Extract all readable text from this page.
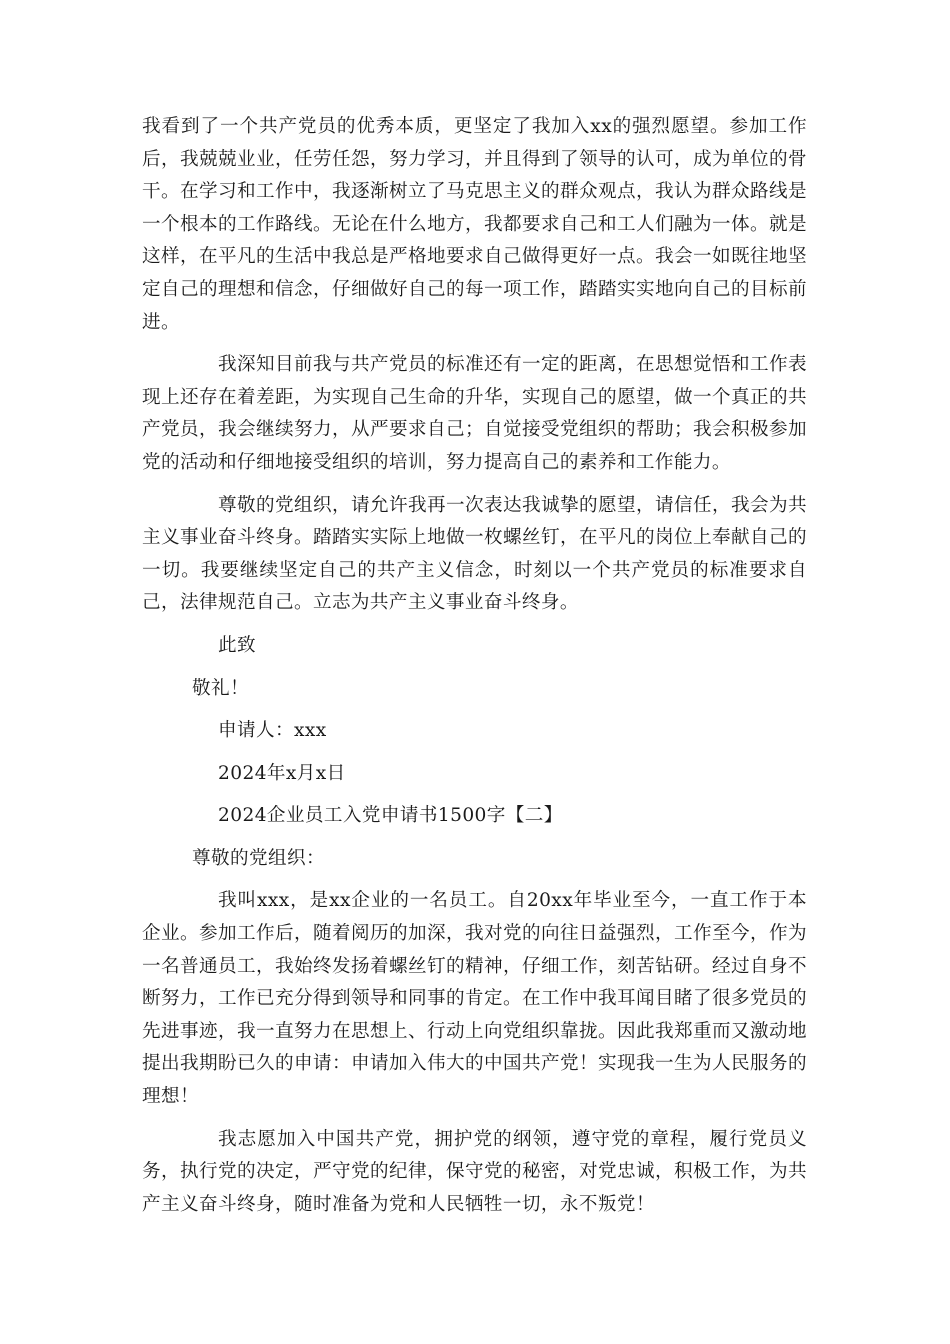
我看到了一个共产党员的优秀本质，更坚定了我加入xx的强烈愿望。参加工作后，我兢兢业业，任劳任怨，努力学习，并且得到了领导的认可，成为单位的骨干。在学习和工作中，我逐渐树立了马克思主义的群众观点，我认为群众路线是一个根本的工作路线。无论在什么地方，我都要求自己和工人们融为一体。就是这样，在平凡的生活中我总是严格地要求自己做得更好一点。我会一如既往地坚定自己的理想和信念，仔细做好自己的每一项工作，踏踏实实地向自己的目标前进。

我深知目前我与共产党员的标准还有一定的距离，在思想觉悟和工作表现上还存在着差距，为实现自己生命的升华，实现自己的愿望，做一个真正的共产党员，我会继续努力，从严要求自己；自觉接受党组织的帮助；我会积极参加党的活动和仔细地接受组织的培训，努力提高自己的素养和工作能力。

尊敬的党组织，请允许我再一次表达我诚挚的愿望，请信任，我会为共主义事业奋斗终身。踏踏实实际上地做一枚螺丝钉，在平凡的岗位上奉献自己的一切。我要继续坚定自己的共产主义信念，时刻以一个共产党员的标准要求自己，法律规范自己。立志为共产主义事业奋斗终身。

此致

敬礼！

申请人：xxx

2024年x月x日

2024企业员工入党申请书1500字【二】

尊敬的党组织：

我叫xxx，是xx企业的一名员工。自20xx年毕业至今，一直工作于本企业。参加工作后，随着阅历的加深，我对党的向往日益强烈，工作至今，作为一名普通员工，我始终发扬着螺丝钉的精神，仔细工作，刻苦钻研。经过自身不断努力，工作已充分得到领导和同事的肯定。在工作中我耳闻目睹了很多党员的先进事迹，我一直努力在思想上、行动上向党组织靠拢。因此我郑重而又激动地提出我期盼已久的申请：申请加入伟大的中国共产党！实现我一生为人民服务的理想！

我志愿加入中国共产党，拥护党的纲领，遵守党的章程，履行党员义务，执行党的决定，严守党的纪律，保守党的秘密，对党忠诚，积极工作，为共产主义奋斗终身，随时准备为党和人民牺牲一切，永不叛党！
